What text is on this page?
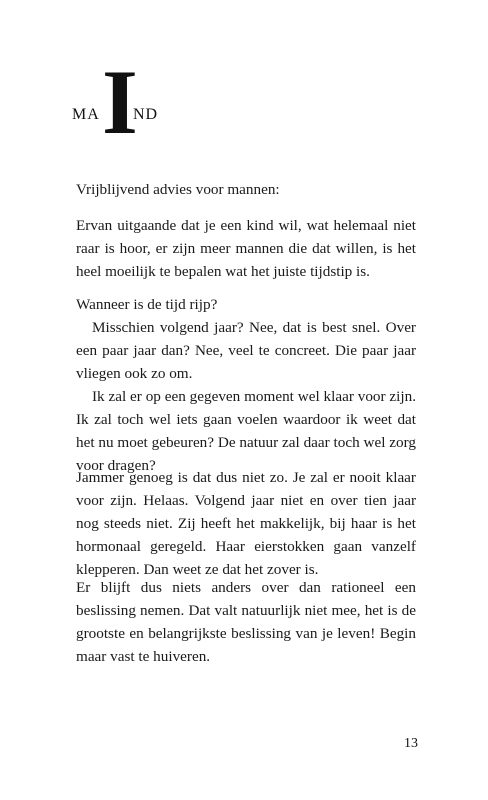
MA ND
I

Vrijblijvend advies voor mannen:

Ervan uitgaande dat je een kind wil, wat helemaal niet raar is hoor, er zijn meer mannen die dat willen, is het heel moeilijk te bepalen wat het juiste tijdstip is.

Wanneer is de tijd rijp?

Misschien volgend jaar? Nee, dat is best snel. Over een paar jaar dan? Nee, veel te concreet. Die paar jaar vliegen ook zo om.

Ik zal er op een gegeven moment wel klaar voor zijn. Ik zal toch wel iets gaan voelen waardoor ik weet dat het nu moet gebeuren? De natuur zal daar toch wel zorg voor dragen?

Jammer genoeg is dat dus niet zo. Je zal er nooit klaar voor zijn. Helaas. Volgend jaar niet en over tien jaar nog steeds niet. Zij heeft het makkelijk, bij haar is het hormonaal geregeld. Haar eierstokken gaan vanzelf klepperen. Dan weet ze dat het zover is.

Er blijft dus niets anders over dan rationeel een beslissing nemen. Dat valt natuurlijk niet mee, het is de grootste en belangrijkste beslissing van je leven! Begin maar vast te huiveren.

13
